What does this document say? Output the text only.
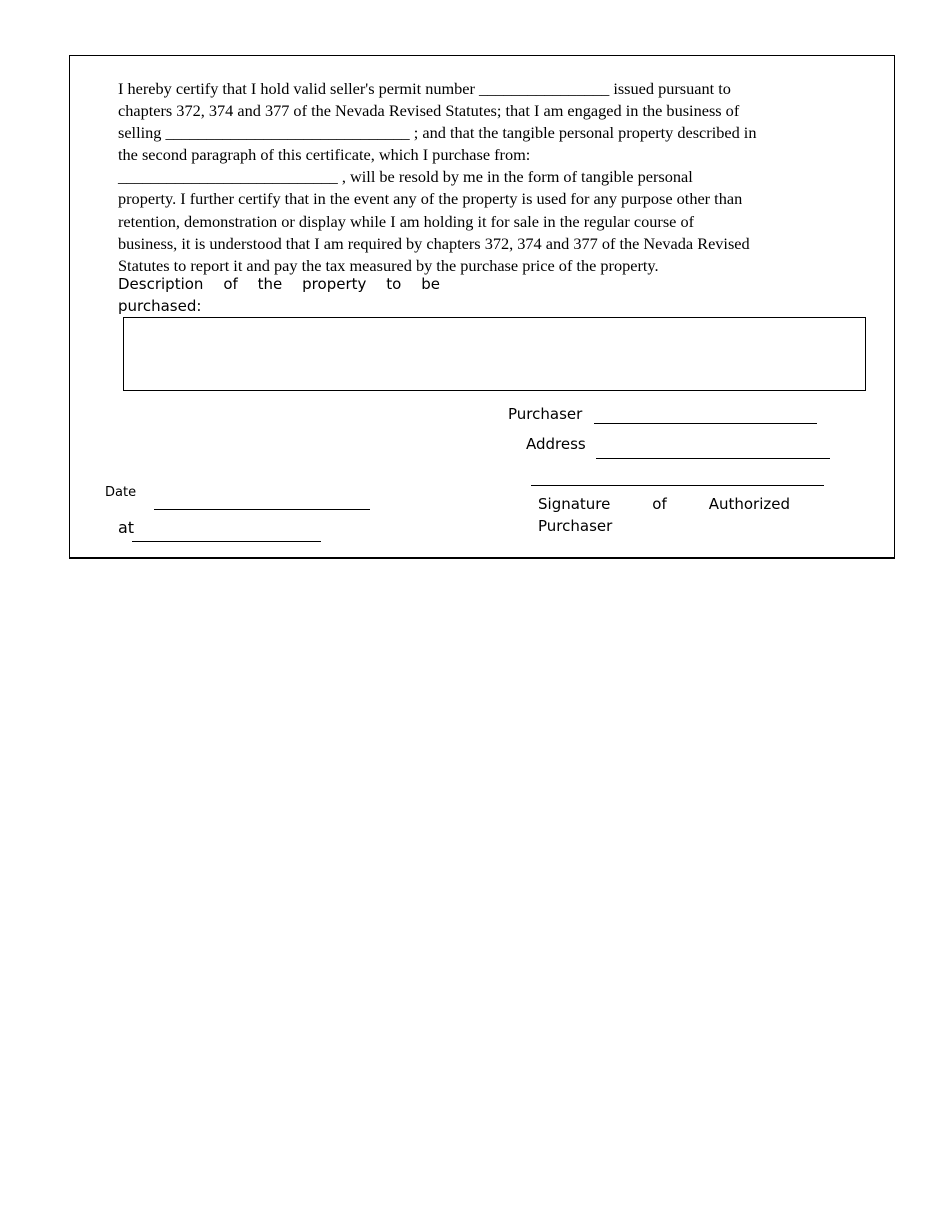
I hereby certify that I hold valid seller's permit number ________________ issued pursuant to
chapters 372, 374 and 377 of the Nevada Revised Statutes; that I am engaged in the business of
selling ______________________________ ; and that the tangible personal property described in
the second paragraph of this certificate, which I purchase from:
___________________________ , will be resold by me in the form of tangible personal
property. I further certify that in the event any of the property is used for any purpose other than
retention, demonstration or display while I am holding it for sale in the regular course of
business, it is understood that I am required by chapters 372, 374 and 377 of the Nevada Revised
Statutes to report it and pay the tax measured by the purchase price of the property.

Description of the property to be
purchased:
Purchaser
Address
Signature	of	Authorized
Purchaser
Date
at
